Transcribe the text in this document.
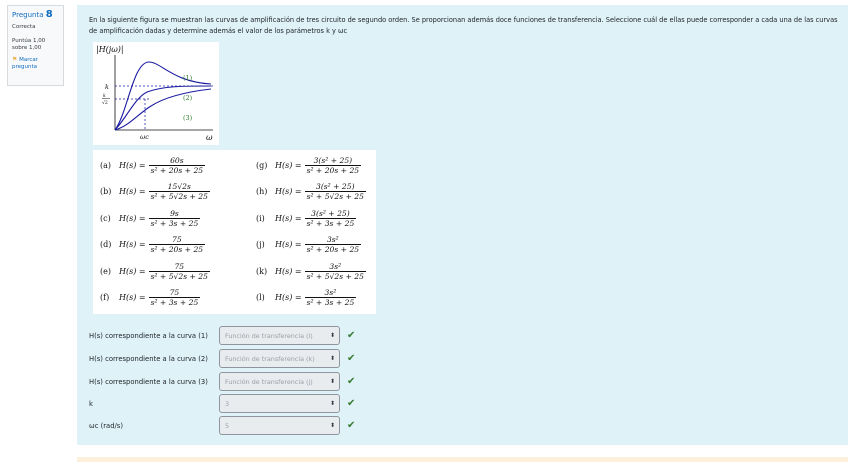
Pregunta 8
Correcta
Puntúa 1,00
sobre 1,00
⚑ Marcar pregunta
En la siguiente figura se muestran las curvas de amplificación de tres circuito de segundo orden. Se proporcionan además doce funciones de transferencia. Seleccione cuál de ellas puede corresponder a cada una de las curvas de amplificación dadas y determine además el valor de los parámetros k y ωc
|H(jω)|
k
k
√2
(1)
(2)
(3)
ωc	ω
(a) $H(s) = \frac{60s}{\text{s² + 20s + 25}}$
(b) $H(s) = \frac{15√2s}{\text{s² + 5√2s + 25}}$
(c)	$H(s) = \frac{9s}{\text{s² + 3s + 25}}$
(d) $H(s) = \frac{75}{\text{s² + 20s + 25}}$
(e)	$H(s) = \frac{75}{\text{s² + 5√2s + 25}}$
(f)	$H(s) = \frac{75}{\text{s² + 3s + 25}}$
(g) $H(s) = \frac{\text{3(s² + 25)}}{\text{s² + 20s + 25}}$
(h) $H(s) = \frac{\text{3(s² + 25)}}{\text{s² + 5√2s + 25}}$
(i)	$H(s) = \frac{\text{3(s² + 25)}}{\text{s² + 3s + 25}}$
(j)	$H(s) = \frac{\text{3s²}}{\text{s² + 20s + 25}}$
(k) $H(s) = \frac{\text{3s²}}{\text{s² + 5√2s + 25}}$
(l)	$H(s) = \frac{\text{3s²}}{\text{s² + 3s + 25}}$
H(s) correspondiente a la curva (1)	Función de transferencia (l)	⬍ ✔
H(s) correspondiente a la curva (2)	Función de transferencia (k)	⬍ ✔
H(s) correspondiente a la curva (3)	Función de transferencia (j)	⬍ ✔
k	3	⬍ ✔
ωc (rad/s)	5	⬍ ✔
